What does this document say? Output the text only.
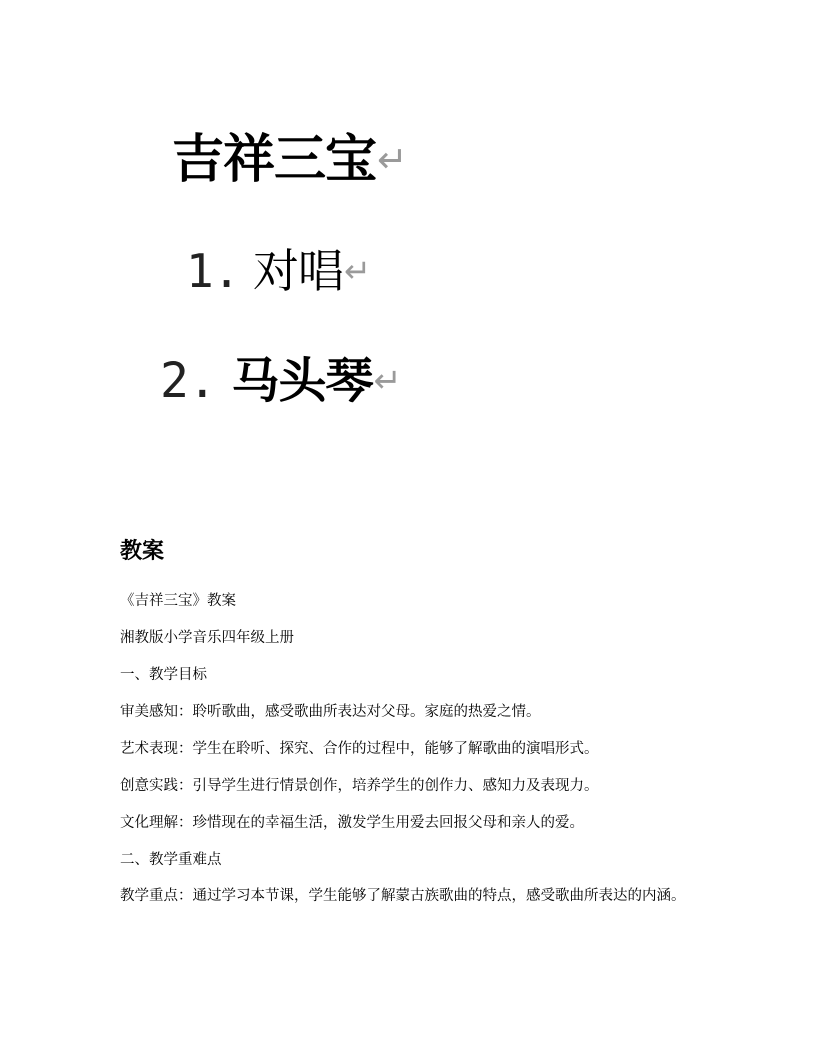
吉祥三宝↵
1. 对唱↵
2. 马头琴↵
教案

《吉祥三宝》教案

湘教版小学音乐四年级上册

一、教学目标

审美感知：聆听歌曲，感受歌曲所表达对父母。家庭的热爱之情。

艺术表现：学生在聆听、探究、合作的过程中，能够了解歌曲的演唱形式。

创意实践：引导学生进行情景创作，培养学生的创作力、感知力及表现力。

文化理解：珍惜现在的幸福生活，激发学生用爱去回报父母和亲人的爱。

二、教学重难点

教学重点：通过学习本节课，学生能够了解蒙古族歌曲的特点，感受歌曲所表达的内涵。
